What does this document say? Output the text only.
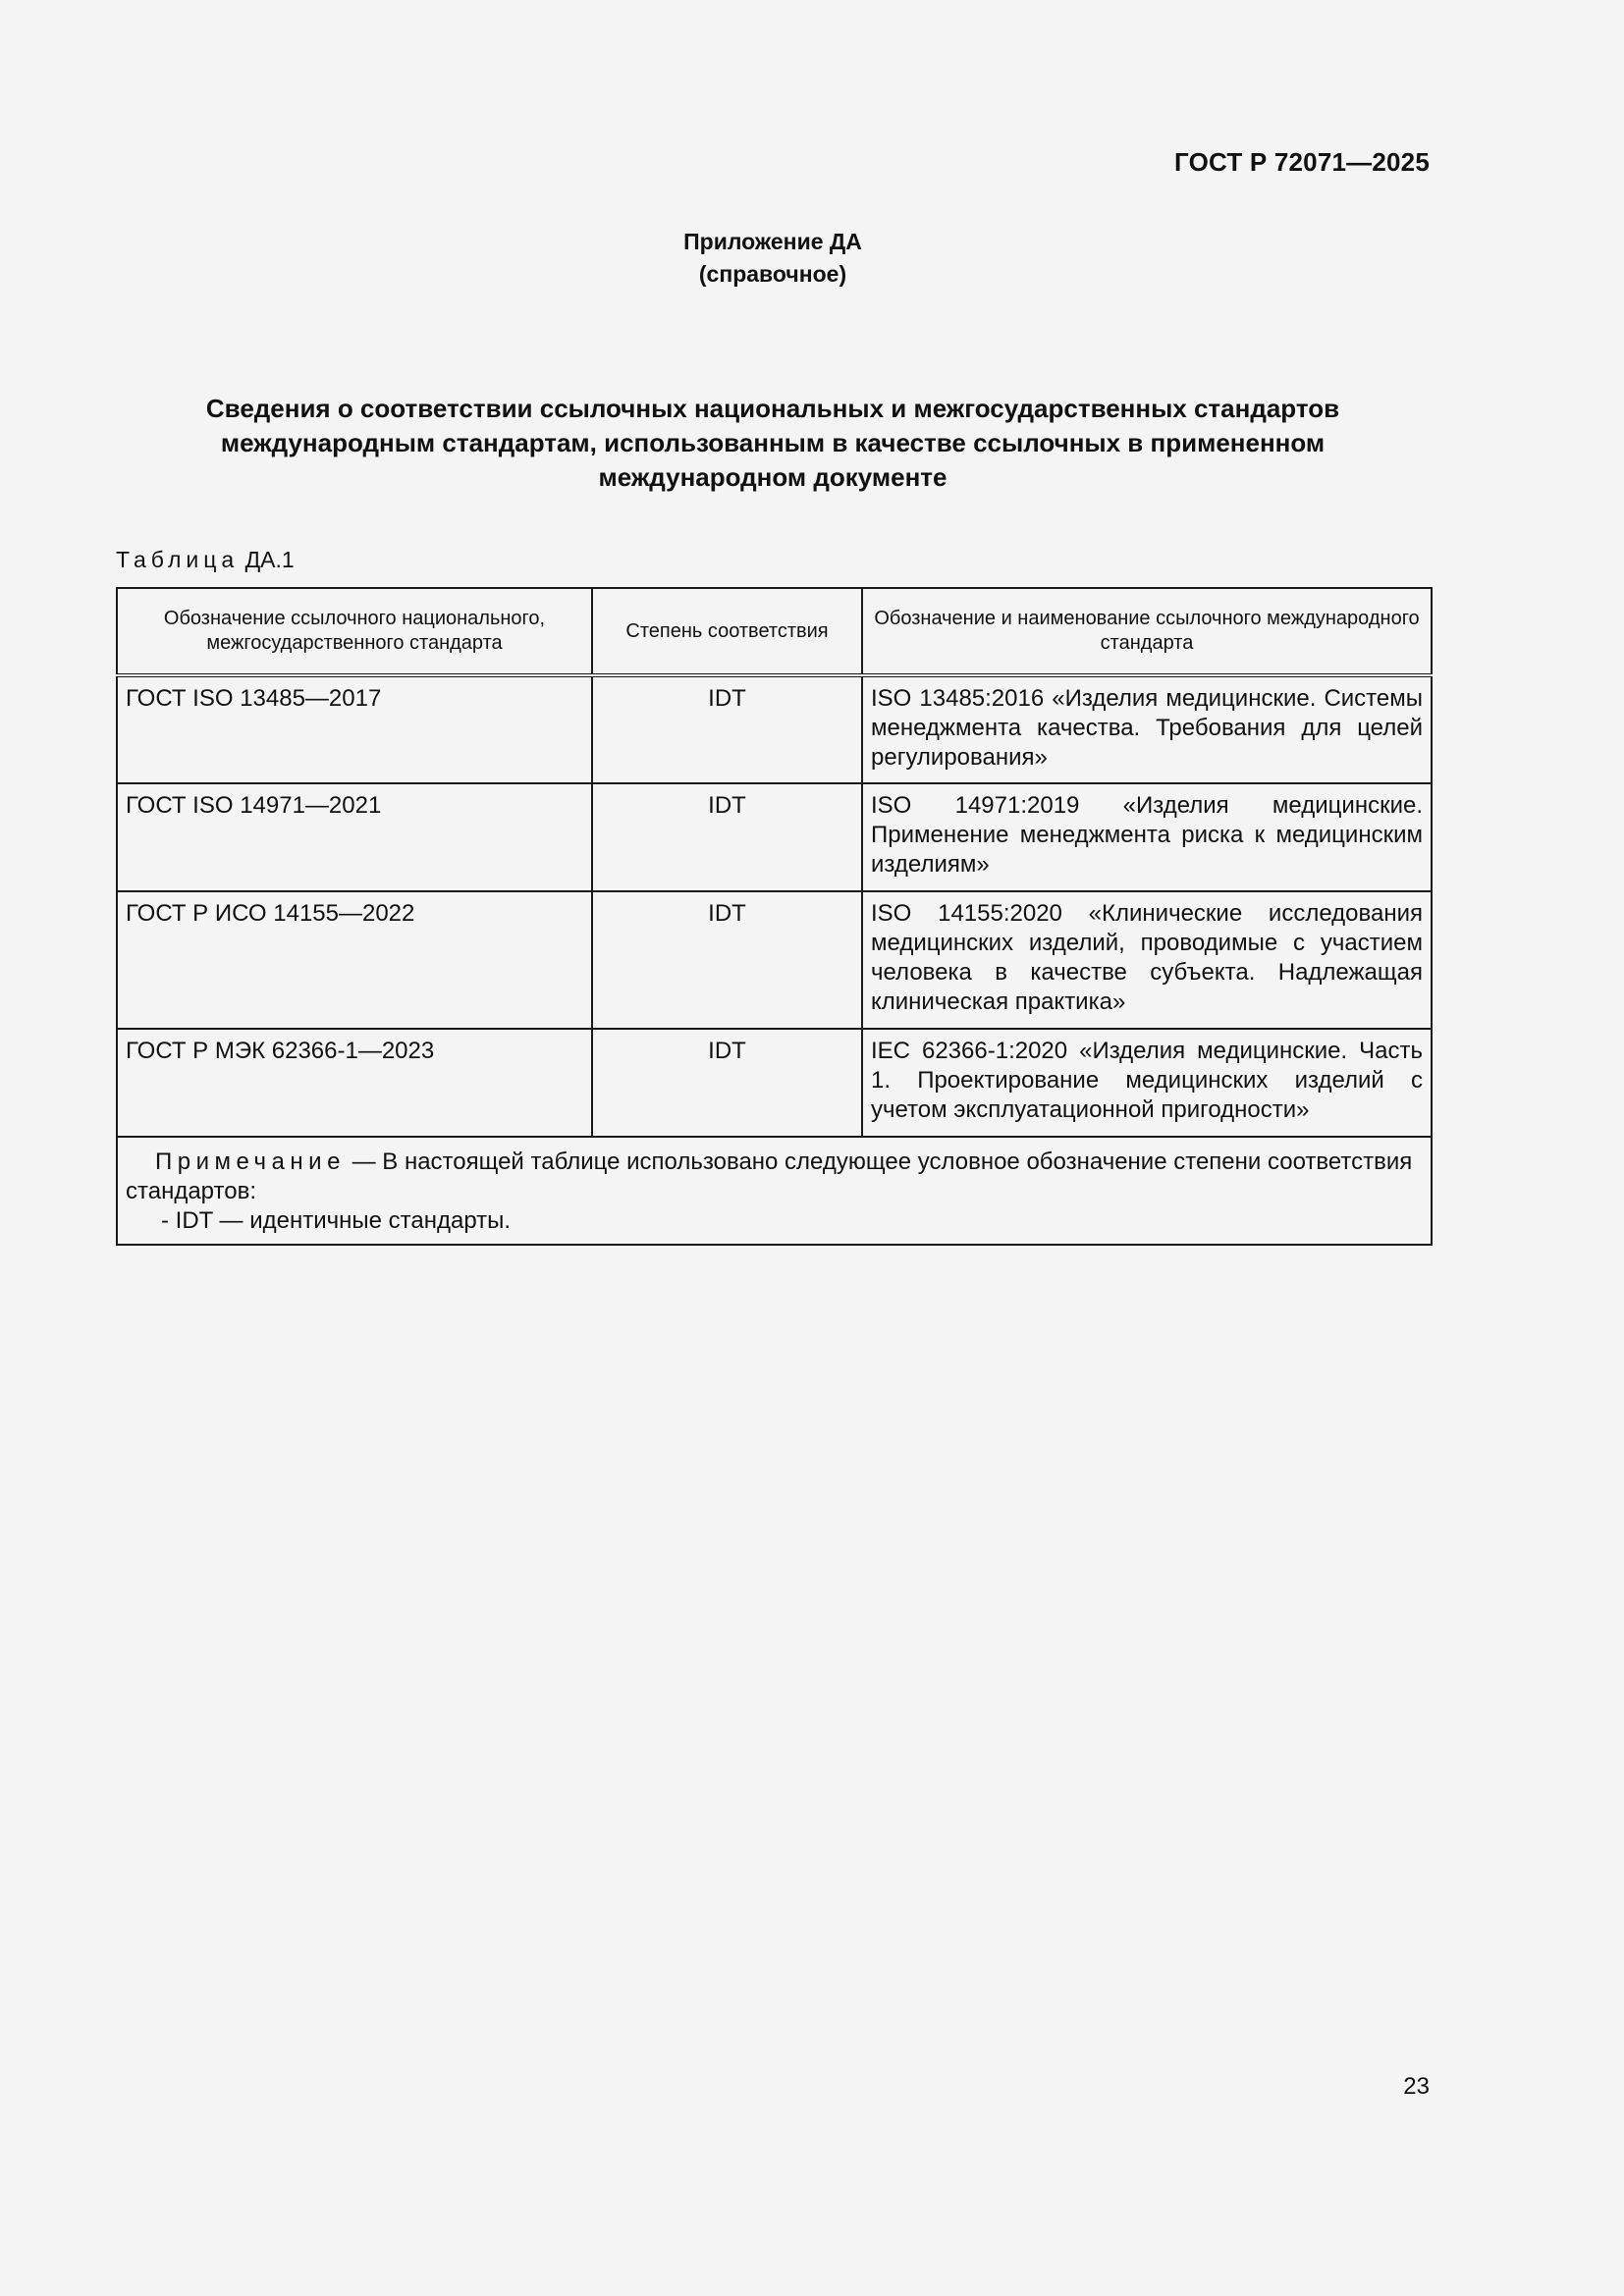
ГОСТ Р 72071—2025
Приложение ДА
(справочное)
Сведения о соответствии ссылочных национальных и межгосударственных стандартов
международным стандартам, использованным в качестве ссылочных в примененном
международном документе
Таблица ДА.1
Обозначение ссылочного национального, межгосударственного стандарта	Степень соответствия	Обозначение и наименование ссылочного международного стандарта
ГОСТ ISO 13485—2017	IDT	ISO 13485:2016 «Изделия медицинские. Системы менеджмента качества. Требования для целей регулирования»
ГОСТ ISO 14971—2021	IDT	ISO 14971:2019 «Изделия медицинские. Применение менеджмента риска к медицинским изделиям»
ГОСТ Р ИСО 14155—2022	IDT	ISO 14155:2020 «Клинические исследования медицинских изделий, проводимые с участием человека в качестве субъекта. Надлежащая клиническая практика»
ГОСТ Р МЭК 62366-1—2023	IDT	IEC 62366-1:2020 «Изделия медицинские. Часть 1. Проектирование медицинских изделий с учетом эксплуатационной пригодности»

Примечание — В настоящей таблице использовано следующее условное обозначение степени соответствия стандартов:
- IDT — идентичные стандарты.		
23
